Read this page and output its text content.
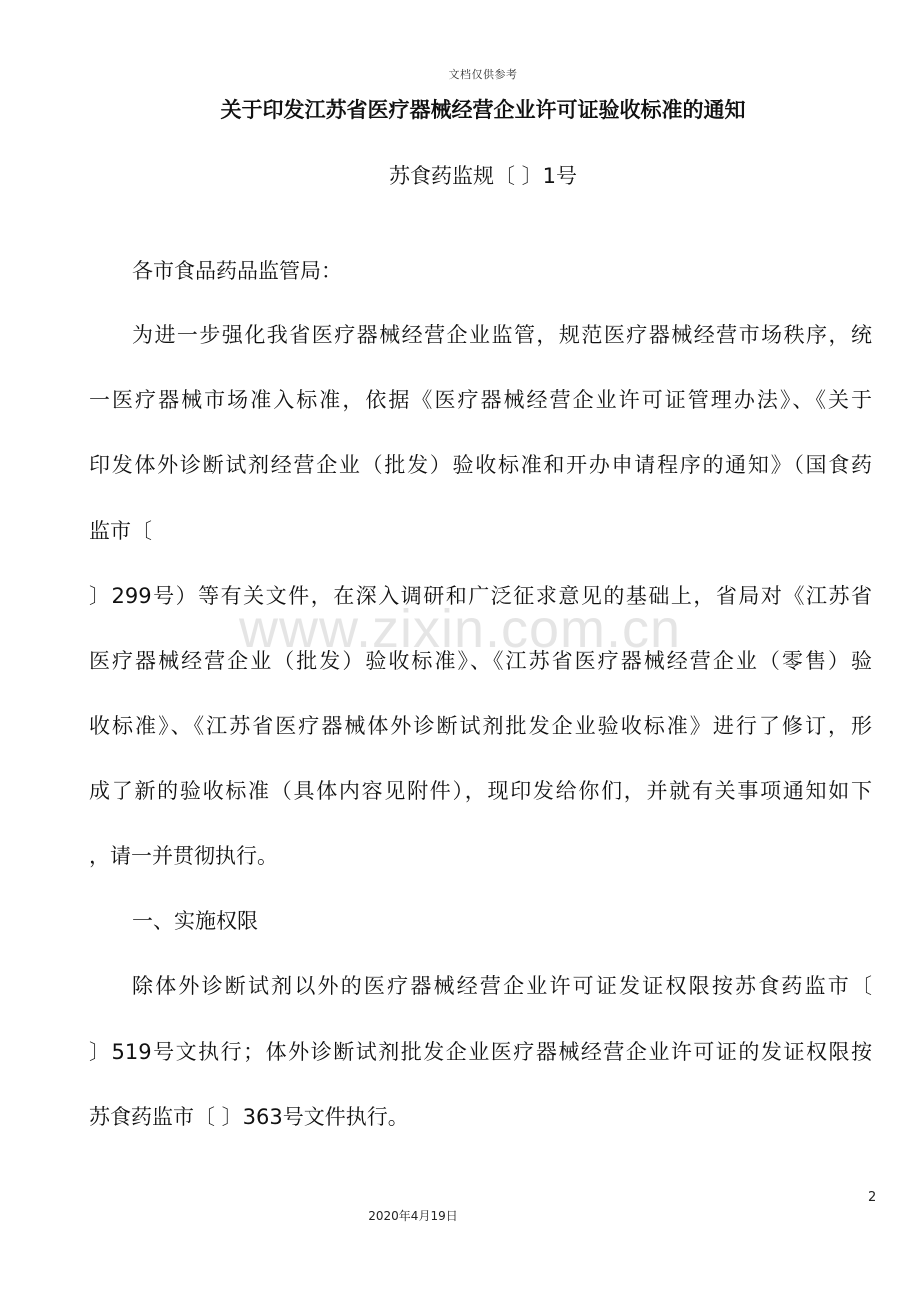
文档仅供参考
关于印发江苏省医疗器械经营企业许可证验收标准的通知
苏食药监规〔 〕1号
各市食品药品监管局：
为进一步强化我省医疗器械经营企业监管，规范医疗器械经营市场秩序，统
一医疗器械市场准入标准，依据《医疗器械经营企业许可证管理办法》、《关于
印发体外诊断试剂经营企业（批发）验收标准和开办申请程序的通知》（国食药
监市〔
〕299号）等有关文件，在深入调研和广泛征求意见的基础上，省局对《江苏省
医疗器械经营企业（批发）验收标准》、《江苏省医疗器械经营企业（零售）验
收标准》、《江苏省医疗器械体外诊断试剂批发企业验收标准》进行了修订，形
成了新的验收标准（具体内容见附件），现印发给你们，并就有关事项通知如下
，请一并贯彻执行。
一、实施权限
除体外诊断试剂以外的医疗器械经营企业许可证发证权限按苏食药监市〔
〕519号文执行；体外诊断试剂批发企业医疗器械经营企业许可证的发证权限按
苏食药监市〔 〕363号文件执行。
www.zixin.com.cn
2
2020年4月19日
